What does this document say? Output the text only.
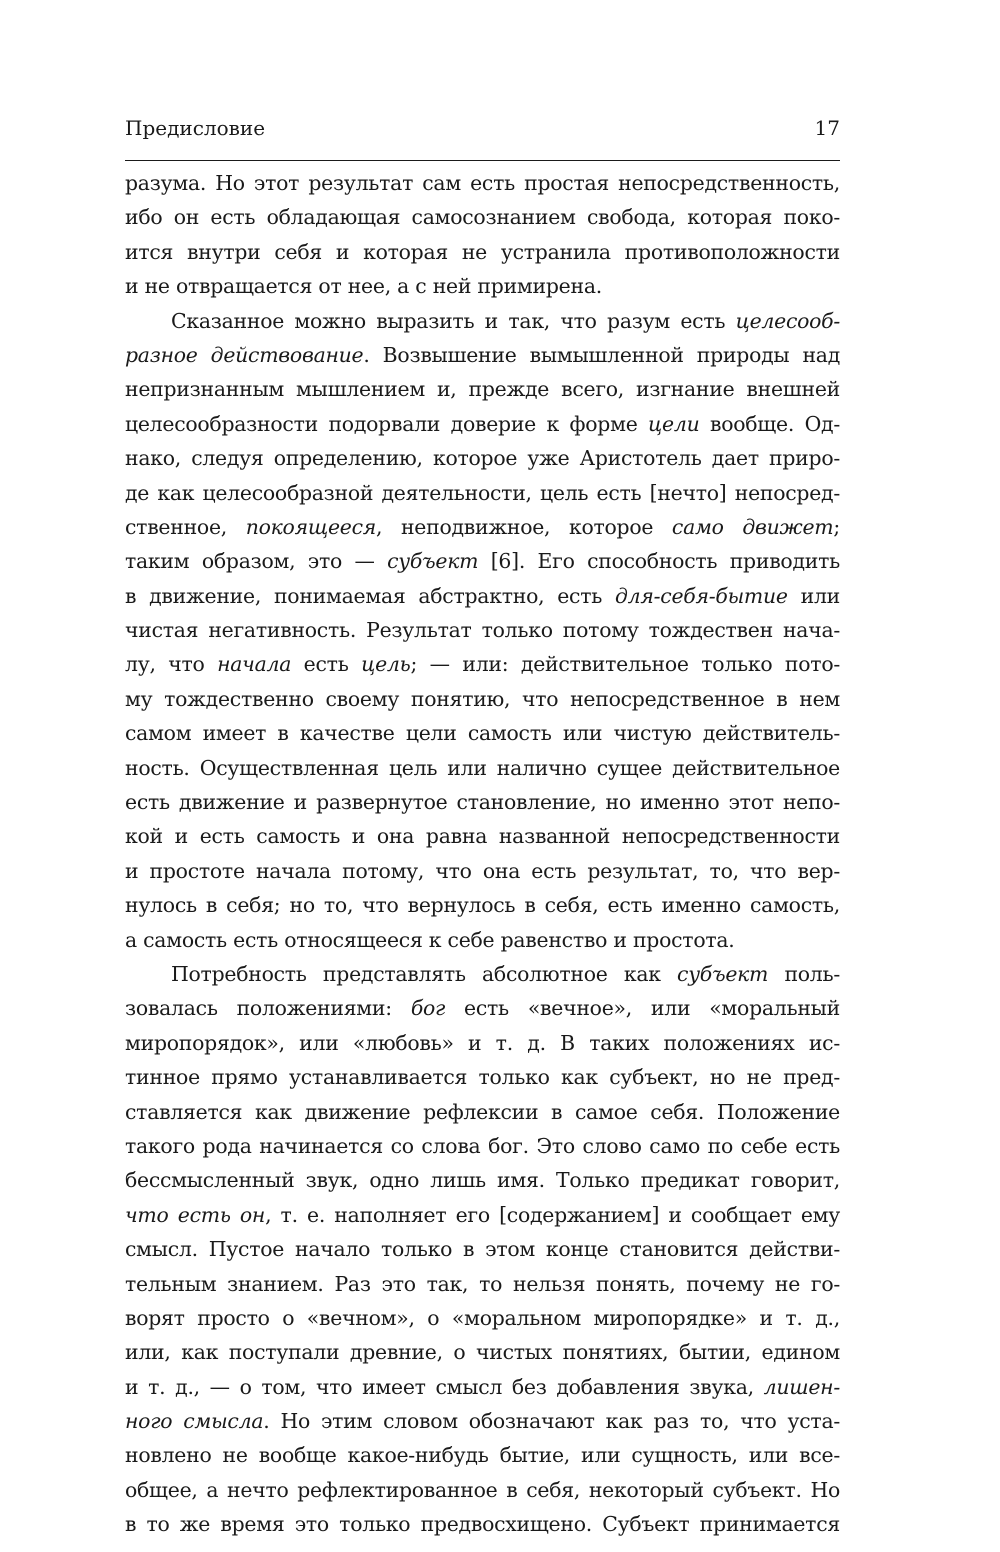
Предисловие	17
разума. Но этот результат сам есть простая непосредственность,
ибо он есть обладающая самосознанием свобода, которая поко-
ится внутри себя и которая не устранила противоположности
и не отвращается от нее, а с ней примирена.
Сказанное можно выразить и так, что разум есть целесооб-
разное действование. Возвышение вымышленной природы над
непризнанным мышлением и, прежде всего, изгнание внешней
целесообразности подорвали доверие к форме цели вообще. Од-
нако, следуя определению, которое уже Аристотель дает приро-
де как целесообразной деятельности, цель есть [нечто] непосред-
ственное, покоящееся, неподвижное, которое само движет;
таким образом, это — субъект [6]. Его способность приводить
в движение, понимаемая абстрактно, есть для-себя-бытие или
чистая негативность. Результат только потому тождествен нача-
лу, что начала есть цель; — или: действительное только пото-
му тождественно своему понятию, что непосредственное в нем
самом имеет в качестве цели самость или чистую действитель-
ность. Осуществленная цель или налично сущее действительное
есть движение и развернутое становление, но именно этот непо-
кой и есть самость и она равна названной непосредственности
и простоте начала потому, что она есть результат, то, что вер-
нулось в себя; но то, что вернулось в себя, есть именно самость,
а самость есть относящееся к себе равенство и простота.
Потребность представлять абсолютное как субъект поль-
зовалась положениями: бог есть «вечное», или «моральный
миропорядок», или «любовь» и т. д. В таких положениях ис-
тинное прямо устанавливается только как субъект, но не пред-
ставляется как движение рефлексии в самое себя. Положение
такого рода начинается со слова бог. Это слово само по себе есть
бессмысленный звук, одно лишь имя. Только предикат говорит,
что есть он, т. е. наполняет его [содержанием] и сообщает ему
смысл. Пустое начало только в этом конце становится действи-
тельным знанием. Раз это так, то нельзя понять, почему не го-
ворят просто о «вечном», о «моральном миропорядке» и т. д.,
или, как поступали древние, о чистых понятиях, бытии, едином
и т. д., — о том, что имеет смысл без добавления звука, лишен-
ного смысла. Но этим словом обозначают как раз то, что уста-
новлено не вообще какое-нибудь бытие, или сущность, или все-
общее, а нечто рефлектированное в себя, некоторый субъект. Но
в то же время это только предвосхищено. Субъект принимается
